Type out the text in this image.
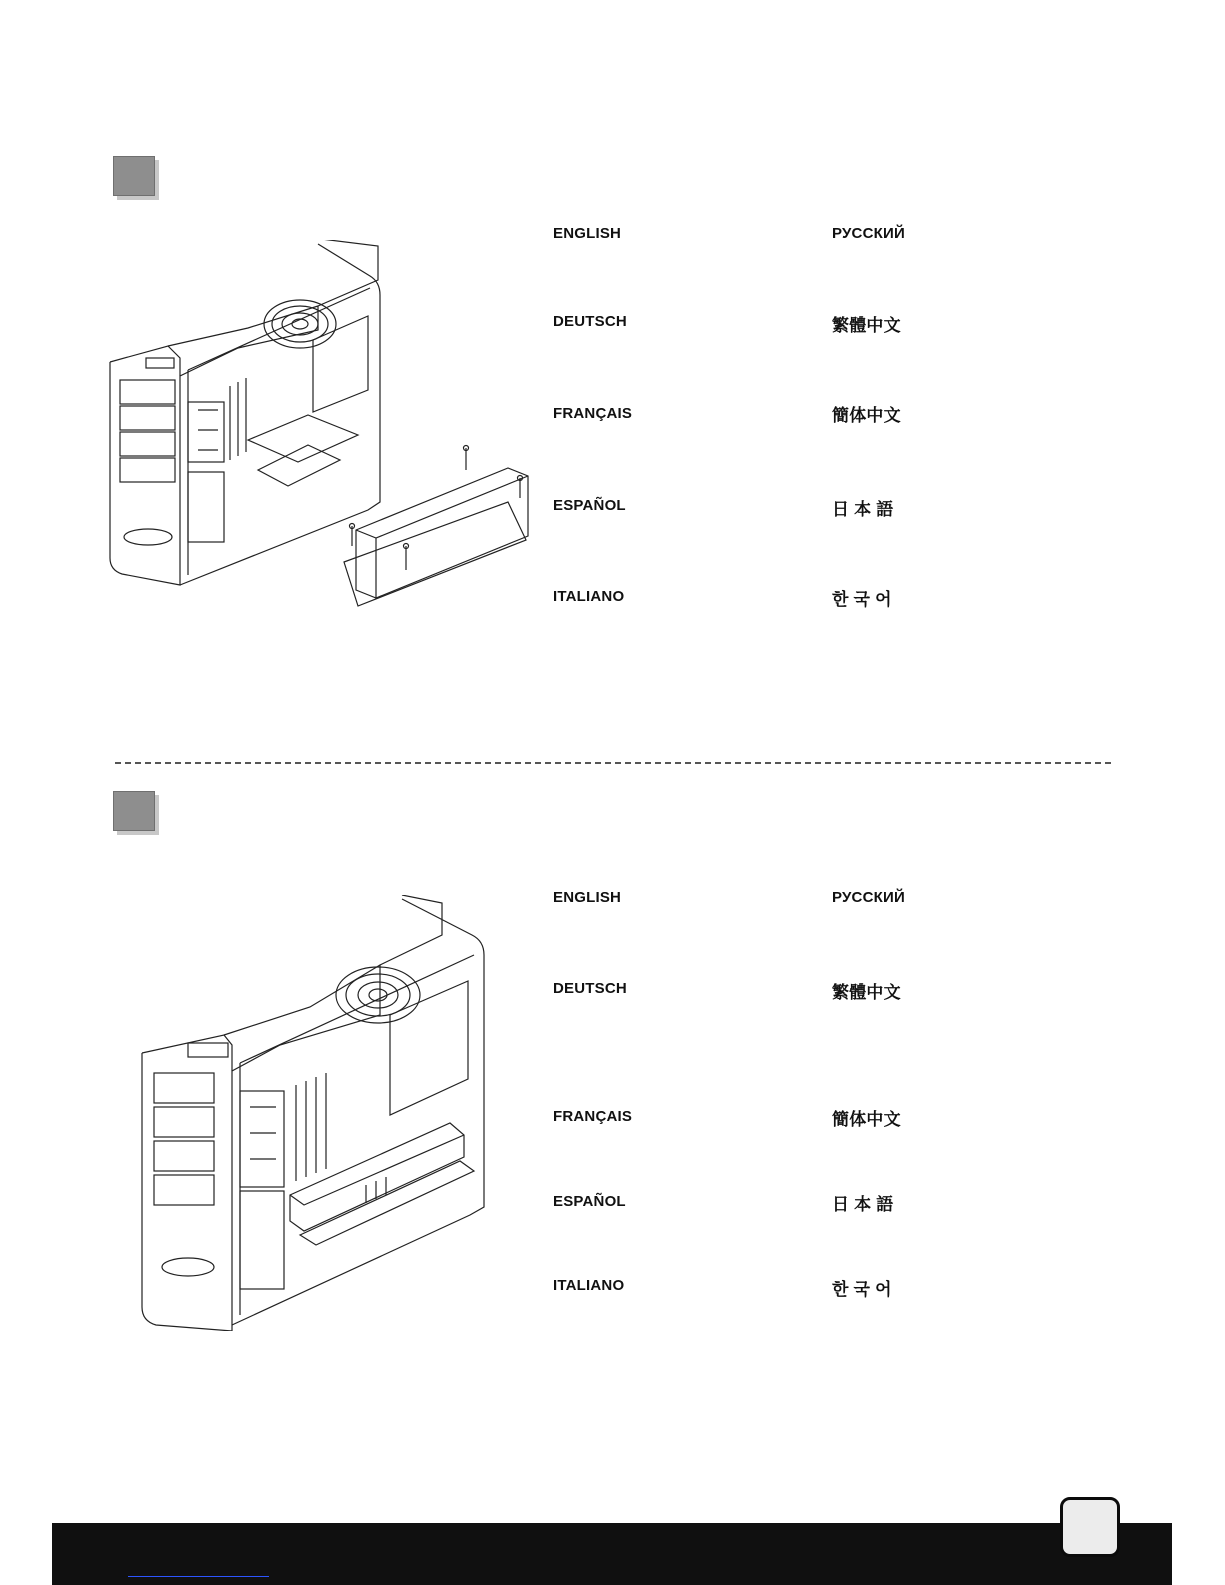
ENGLISH
DEUTSCH
FRANÇAIS
ESPAÑOL
ITALIANO
РУССКИЙ
繁體中文
簡体中文
日 本 語
한 국 어
ENGLISH
DEUTSCH
FRANÇAIS
ESPAÑOL
ITALIANO
РУССКИЙ
繁體中文
簡体中文
日 本 語
한 국 어
